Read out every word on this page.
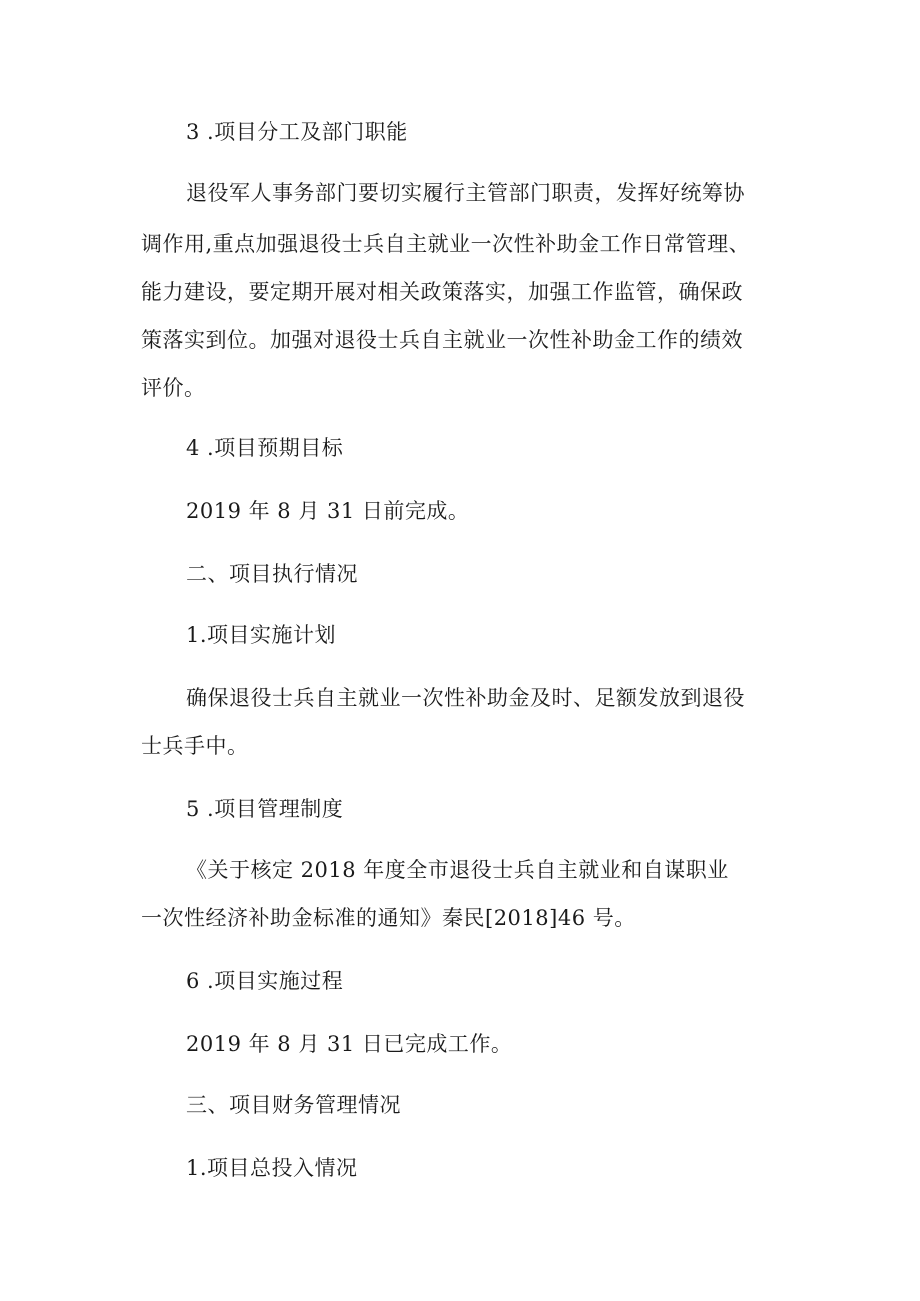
3 .项目分工及部门职能
退役军人事务部门要切实履行主管部门职责，发挥好统筹协
调作用,重点加强退役士兵自主就业一次性补助金工作日常管理、
能力建设，要定期开展对相关政策落实，加强工作监管，确保政
策落实到位。加强对退役士兵自主就业一次性补助金工作的绩效
评价。
4 .项目预期目标
2019 年 8 月 31 日前完成。
二、项目执行情况
1.项目实施计划
确保退役士兵自主就业一次性补助金及时、足额发放到退役
士兵手中。
5 .项目管理制度
《关于核定 2018 年度全市退役士兵自主就业和自谋职业
一次性经济补助金标准的通知》秦民[2018]46 号。
6 .项目实施过程
2019 年 8 月 31 日已完成工作。
三、项目财务管理情况
1.项目总投入情况
